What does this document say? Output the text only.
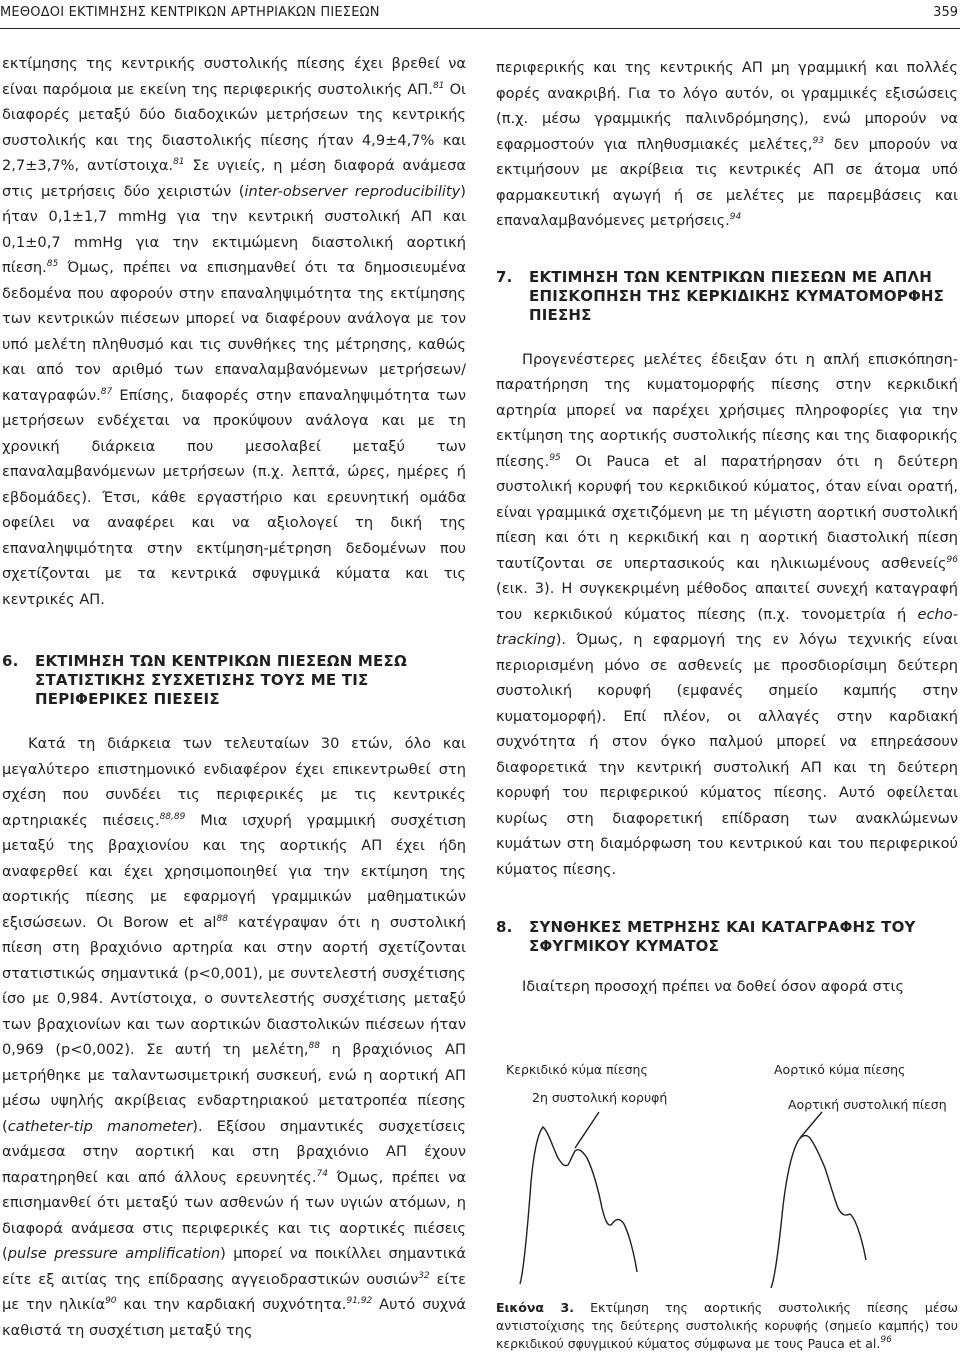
ΜΕΘΟΔΟΙ ΕΚΤΙΜΗΣΗΣ ΚΕΝΤΡΙΚΩΝ ΑΡΤΗΡΙΑΚΩΝ ΠΙΕΣΕΩΝ	359

εκτίμησης της κεντρικής συστολικής πίεσης έχει βρεθεί να είναι παρόμοια με εκείνη της περιφερικής συστολικής ΑΠ.$^{81}$ Οι διαφορές μεταξύ δύο διαδοχικών μετρήσεων της κεντρικής συστολικής και της διαστολικής πίεσης ήταν 4,9±4,7% και 2,7±3,7%, αντίστοιχα.$^{81}$ Σε υγιείς, η μέση διαφορά ανάμεσα στις μετρήσεις δύο χειριστών (inter-observer reproducibility) ήταν 0,1±1,7 mmHg για την κεντρική συστολική ΑΠ και 0,1±0,7 mmHg για την εκτιμώμενη διαστολική αορτική πίεση.$^{85}$ Όμως, πρέπει να επισημανθεί ότι τα δημοσιευμένα δεδομένα που αφορούν στην επαναληψιμότητα της εκτίμησης των κεντρικών πιέσεων μπορεί να διαφέρουν ανάλογα με τον υπό μελέτη πληθυσμό και τις συνθήκες της μέτρησης, καθώς και από τον αριθμό των επαναλαμβανόμενων μετρήσεων/καταγραφών.$^{87}$ Επίσης, διαφορές στην επαναληψιμότητα των μετρήσεων ενδέχεται να προκύψουν ανάλογα και με τη χρονική διάρκεια που μεσολαβεί μεταξύ των επαναλαμβανόμενων μετρήσεων (π.χ. λεπτά, ώρες, ημέρες ή εβδομάδες). Έτσι, κάθε εργαστήριο και ερευνητική ομάδα οφείλει να αναφέρει και να αξιολογεί τη δική της επαναληψιμότητα στην εκτίμηση-μέτρηση δεδομένων που σχετίζονται με τα κεντρικά σφυγμικά κύματα και τις κεντρικές ΑΠ.

6.	ΕΚΤΙΜΗΣΗ ΤΩΝ ΚΕΝΤΡΙΚΩΝ ΠΙΕΣΕΩΝ ΜΕΣΩ ΣΤΑΤΙΣΤΙΚΗΣ ΣΥΣΧΕΤΙΣΗΣ ΤΟΥΣ ΜΕ ΤΙΣ ΠΕΡΙΦΕΡΙΚΕΣ ΠΙΕΣΕΙΣ

Κατά τη διάρκεια των τελευταίων 30 ετών, όλο και μεγαλύτερο επιστημονικό ενδιαφέρον έχει επικεντρωθεί στη σχέση που συνδέει τις περιφερικές με τις κεντρικές αρτηριακές πιέσεις.$^{88,89}$ Μια ισχυρή γραμμική συσχέτιση μεταξύ της βραχιονίου και της αορτικής ΑΠ έχει ήδη αναφερθεί και έχει χρησιμοποιηθεί για την εκτίμηση της αορτικής πίεσης με εφαρμογή γραμμικών μαθηματικών εξισώσεων. Οι Borow et $al^{88}$ κατέγραψαν ότι η συστολική πίεση στη βραχιόνιο αρτηρία και στην αορτή σχετίζονται στατιστικώς σημαντικά (p<0,001), με συντελεστή συσχέτισης ίσο με 0,984. Αντίστοιχα, ο συντελεστής συσχέτισης μεταξύ των βραχιονίων και των αορτικών διαστολικών πιέσεων ήταν 0,969 (p<0,002). Σε αυτή τη μελέτη,$^{88}$ η βραχιόνιος ΑΠ μετρήθηκε με ταλαντωσιμετρική συσκευή, ενώ η αορτική ΑΠ μέσω υψηλής ακρίβειας ενδαρτηριακού μετατροπέα πίεσης (catheter-tip manometer). Εξίσου σημαντικές συσχετίσεις ανάμεσα στην αορτική και στη βραχιόνιο ΑΠ έχουν παρατηρηθεί και από άλλους ερευνητές.$^{74}$ Όμως, πρέπει να επισημανθεί ότι μεταξύ των ασθενών ή των υγιών ατόμων, η διαφορά ανάμεσα στις περιφερικές και τις αορτικές πιέσεις (pulse pressure amplification) μπορεί να ποικίλλει σημαντικά είτε εξ αιτίας της επίδρασης αγγειοδραστικών ουσιών$^{32}$ είτε με την ηλικία$^{90}$ και την καρδιακή συχνότητα.$^{91,92}$ Αυτό συχνά καθιστά τη συσχέτιση μεταξύ της

περιφερικής και της κεντρικής ΑΠ μη γραμμική και πολλές φορές ανακριβή. Για το λόγο αυτόν, οι γραμμικές εξισώσεις (π.χ. μέσω γραμμικής παλινδρόμησης), ενώ μπορούν να εφαρμοστούν για πληθυσμιακές μελέτες,$^{93}$ δεν μπορούν να εκτιμήσουν με ακρίβεια τις κεντρικές ΑΠ σε άτομα υπό φαρμακευτική αγωγή ή σε μελέτες με παρεμβάσεις και επαναλαμβανόμενες μετρήσεις.$^{94}$

7.	ΕΚΤΙΜΗΣΗ ΤΩΝ ΚΕΝΤΡΙΚΩΝ ΠΙΕΣΕΩΝ ΜΕ ΑΠΛΗ ΕΠΙΣΚΟΠΗΣΗ ΤΗΣ ΚΕΡΚΙΔΙΚΗΣ ΚΥΜΑΤΟΜΟΡΦΗΣ ΠΙΕΣΗΣ

Προγενέστερες μελέτες έδειξαν ότι η απλή επισκόπηση-παρατήρηση της κυματομορφής πίεσης στην κερκιδική αρτηρία μπορεί να παρέχει χρήσιμες πληροφορίες για την εκτίμηση της αορτικής συστολικής πίεσης και της διαφορικής πίεσης.$^{95}$ Οι Pauca et al παρατήρησαν ότι η δεύτερη συστολική κορυφή του κερκιδικού κύματος, όταν είναι ορατή, είναι γραμμικά σχετιζόμενη με τη μέγιστη αορτική συστολική πίεση και ότι η κερκιδική και η αορτική διαστολική πίεση ταυτίζονται σε υπερτασικούς και ηλικιωμένους ασθενείς$^{96}$ (εικ. 3). Η συγκεκριμένη μέθοδος απαιτεί συνεχή καταγραφή του κερκιδικού κύματος πίεσης (π.χ. τονομετρία ή echo-tracking). Όμως, η εφαρμογή της εν λόγω τεχνικής είναι περιορισμένη μόνο σε ασθενείς με προσδιορίσιμη δεύτερη συστολική κορυφή (εμφανές σημείο καμπής στην κυματομορφή). Επί πλέον, οι αλλαγές στην καρδιακή συχνότητα ή στον όγκο παλμού μπορεί να επηρεάσουν διαφορετικά την κεντρική συστολική ΑΠ και τη δεύτερη κορυφή του περιφερικού κύματος πίεσης. Αυτό οφείλεται κυρίως στη διαφορετική επίδραση των ανακλώμενων κυμάτων στη διαμόρφωση του κεντρικού και του περιφερικού κύματος πίεσης.

8.	ΣΥΝΘΗΚΕΣ ΜΕΤΡΗΣΗΣ ΚΑΙ ΚΑΤΑΓΡΑΦΗΣ ΤΟΥ ΣΦΥΓΜΙΚΟΥ ΚΥΜΑΤΟΣ

Ιδιαίτερη προσοχή πρέπει να δοθεί όσον αφορά στις

Κερκιδικό κύμα πίεσης
2η συστολική κορυφή
Αορτικό κύμα πίεσης
Αορτική συστολική πίεση
Εικόνα 3. Εκτίμηση της αορτικής συστολικής πίεσης μέσω αντιστοίχισης της δεύτερης συστολικής κορυφής (σημείο καμπής) του κερκιδικού σφυγμικού κύματος σύμφωνα με τους Pauca et al.$^{96}$
